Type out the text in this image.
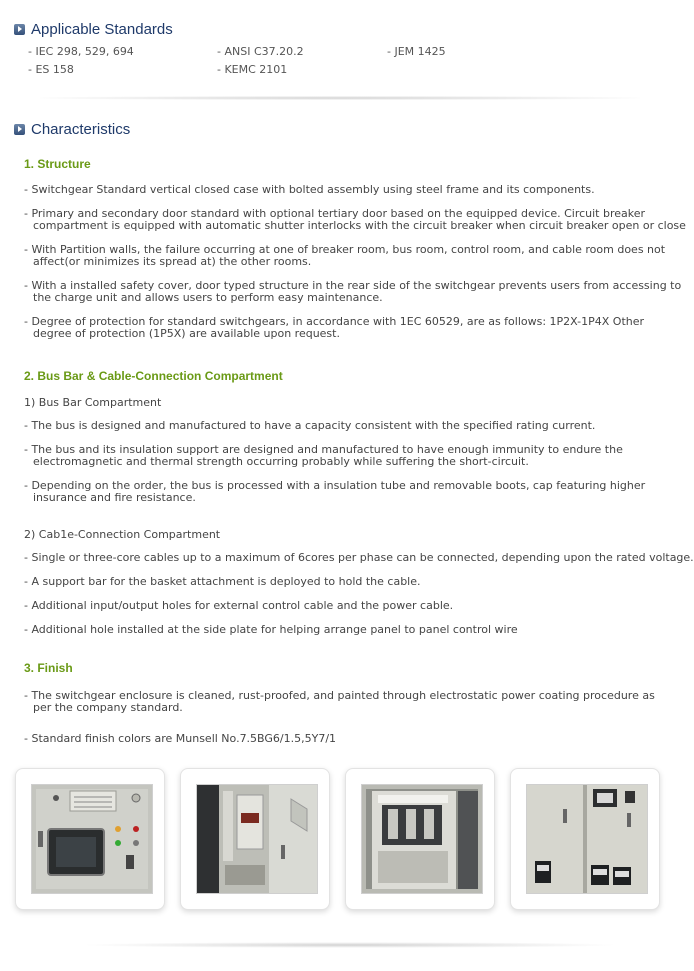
Applicable Standards
- IEC 298, 529, 694	- ANSI C37.20.2	- JEM 1425
- ES 158	- KEMC 2101
Characteristics
1. Structure
- Switchgear Standard vertical closed case with bolted assembly using steel frame and its components.
- Primary and secondary door standard with optional tertiary door based on the equipped device. Circuit breaker
compartment is equipped with automatic shutter interlocks with the circuit breaker when circuit breaker open or close
- With Partition walls, the failure occurring at one of breaker room, bus room, control room, and cable room does not
affect(or minimizes its spread at) the other rooms.
- With a installed safety cover, door typed structure in the rear side of the switchgear prevents users from accessing to
the charge unit and allows users to perform easy maintenance.
- Degree of protection for standard switchgears, in accordance with 1EC 60529, are as follows: 1P2X-1P4X Other
degree of protection (1P5X) are available upon request.
2. Bus Bar & Cable-Connection Compartment
1) Bus Bar Compartment
- The bus is designed and manufactured to have a capacity consistent with the specified rating current.
- The bus and its insulation support are designed and manufactured to have enough immunity to endure the
electromagnetic and thermal strength occurring probably while suffering the short-circuit.
- Depending on the order, the bus is processed with a insulation tube and removable boots, cap featuring higher
insurance and fire resistance.
2) Cab1e-Connection Compartment
- Single or three-core cables up to a maximum of 6cores per phase can be connected, depending upon the rated voltage.
- A support bar for the basket attachment is deployed to hold the cable.
- Additional input/output holes for external control cable and the power cable.
- Additional hole installed at the side plate for helping arrange panel to panel control wire
3. Finish
- The switchgear enclosure is cleaned, rust-proofed, and painted through electrostatic power coating procedure as
per the company standard.
- Standard finish colors are Munsell No.7.5BG6/1.5,5Y7/1
